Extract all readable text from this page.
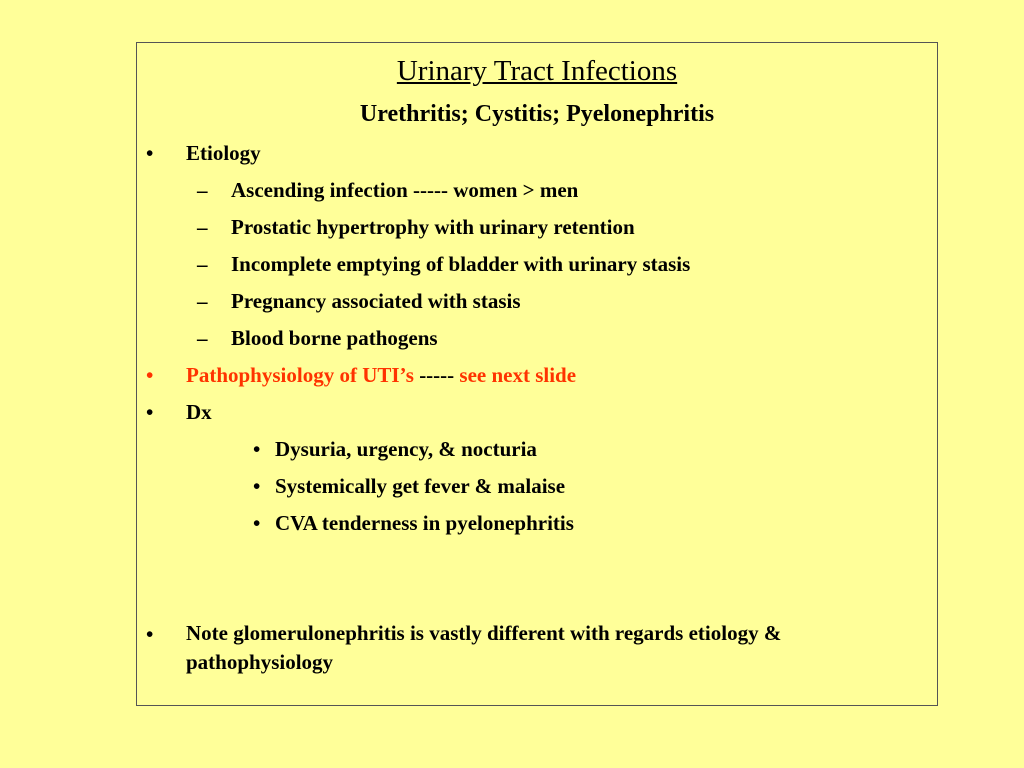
Urinary Tract Infections
Urethritis; Cystitis; Pyelonephritis
• Etiology
– Ascending infection ----- women > men
– Prostatic hypertrophy with urinary retention
– Incomplete emptying of bladder with urinary stasis
– Pregnancy associated with stasis
– Blood borne pathogens
• Pathophysiology of UTI’s ----- see next slide
• Dx
• Dysuria, urgency, & nocturia
• Systemically get fever & malaise
• CVA tenderness in pyelonephritis
• Note glomerulonephritis is vastly different with regards etiology & pathophysiology
